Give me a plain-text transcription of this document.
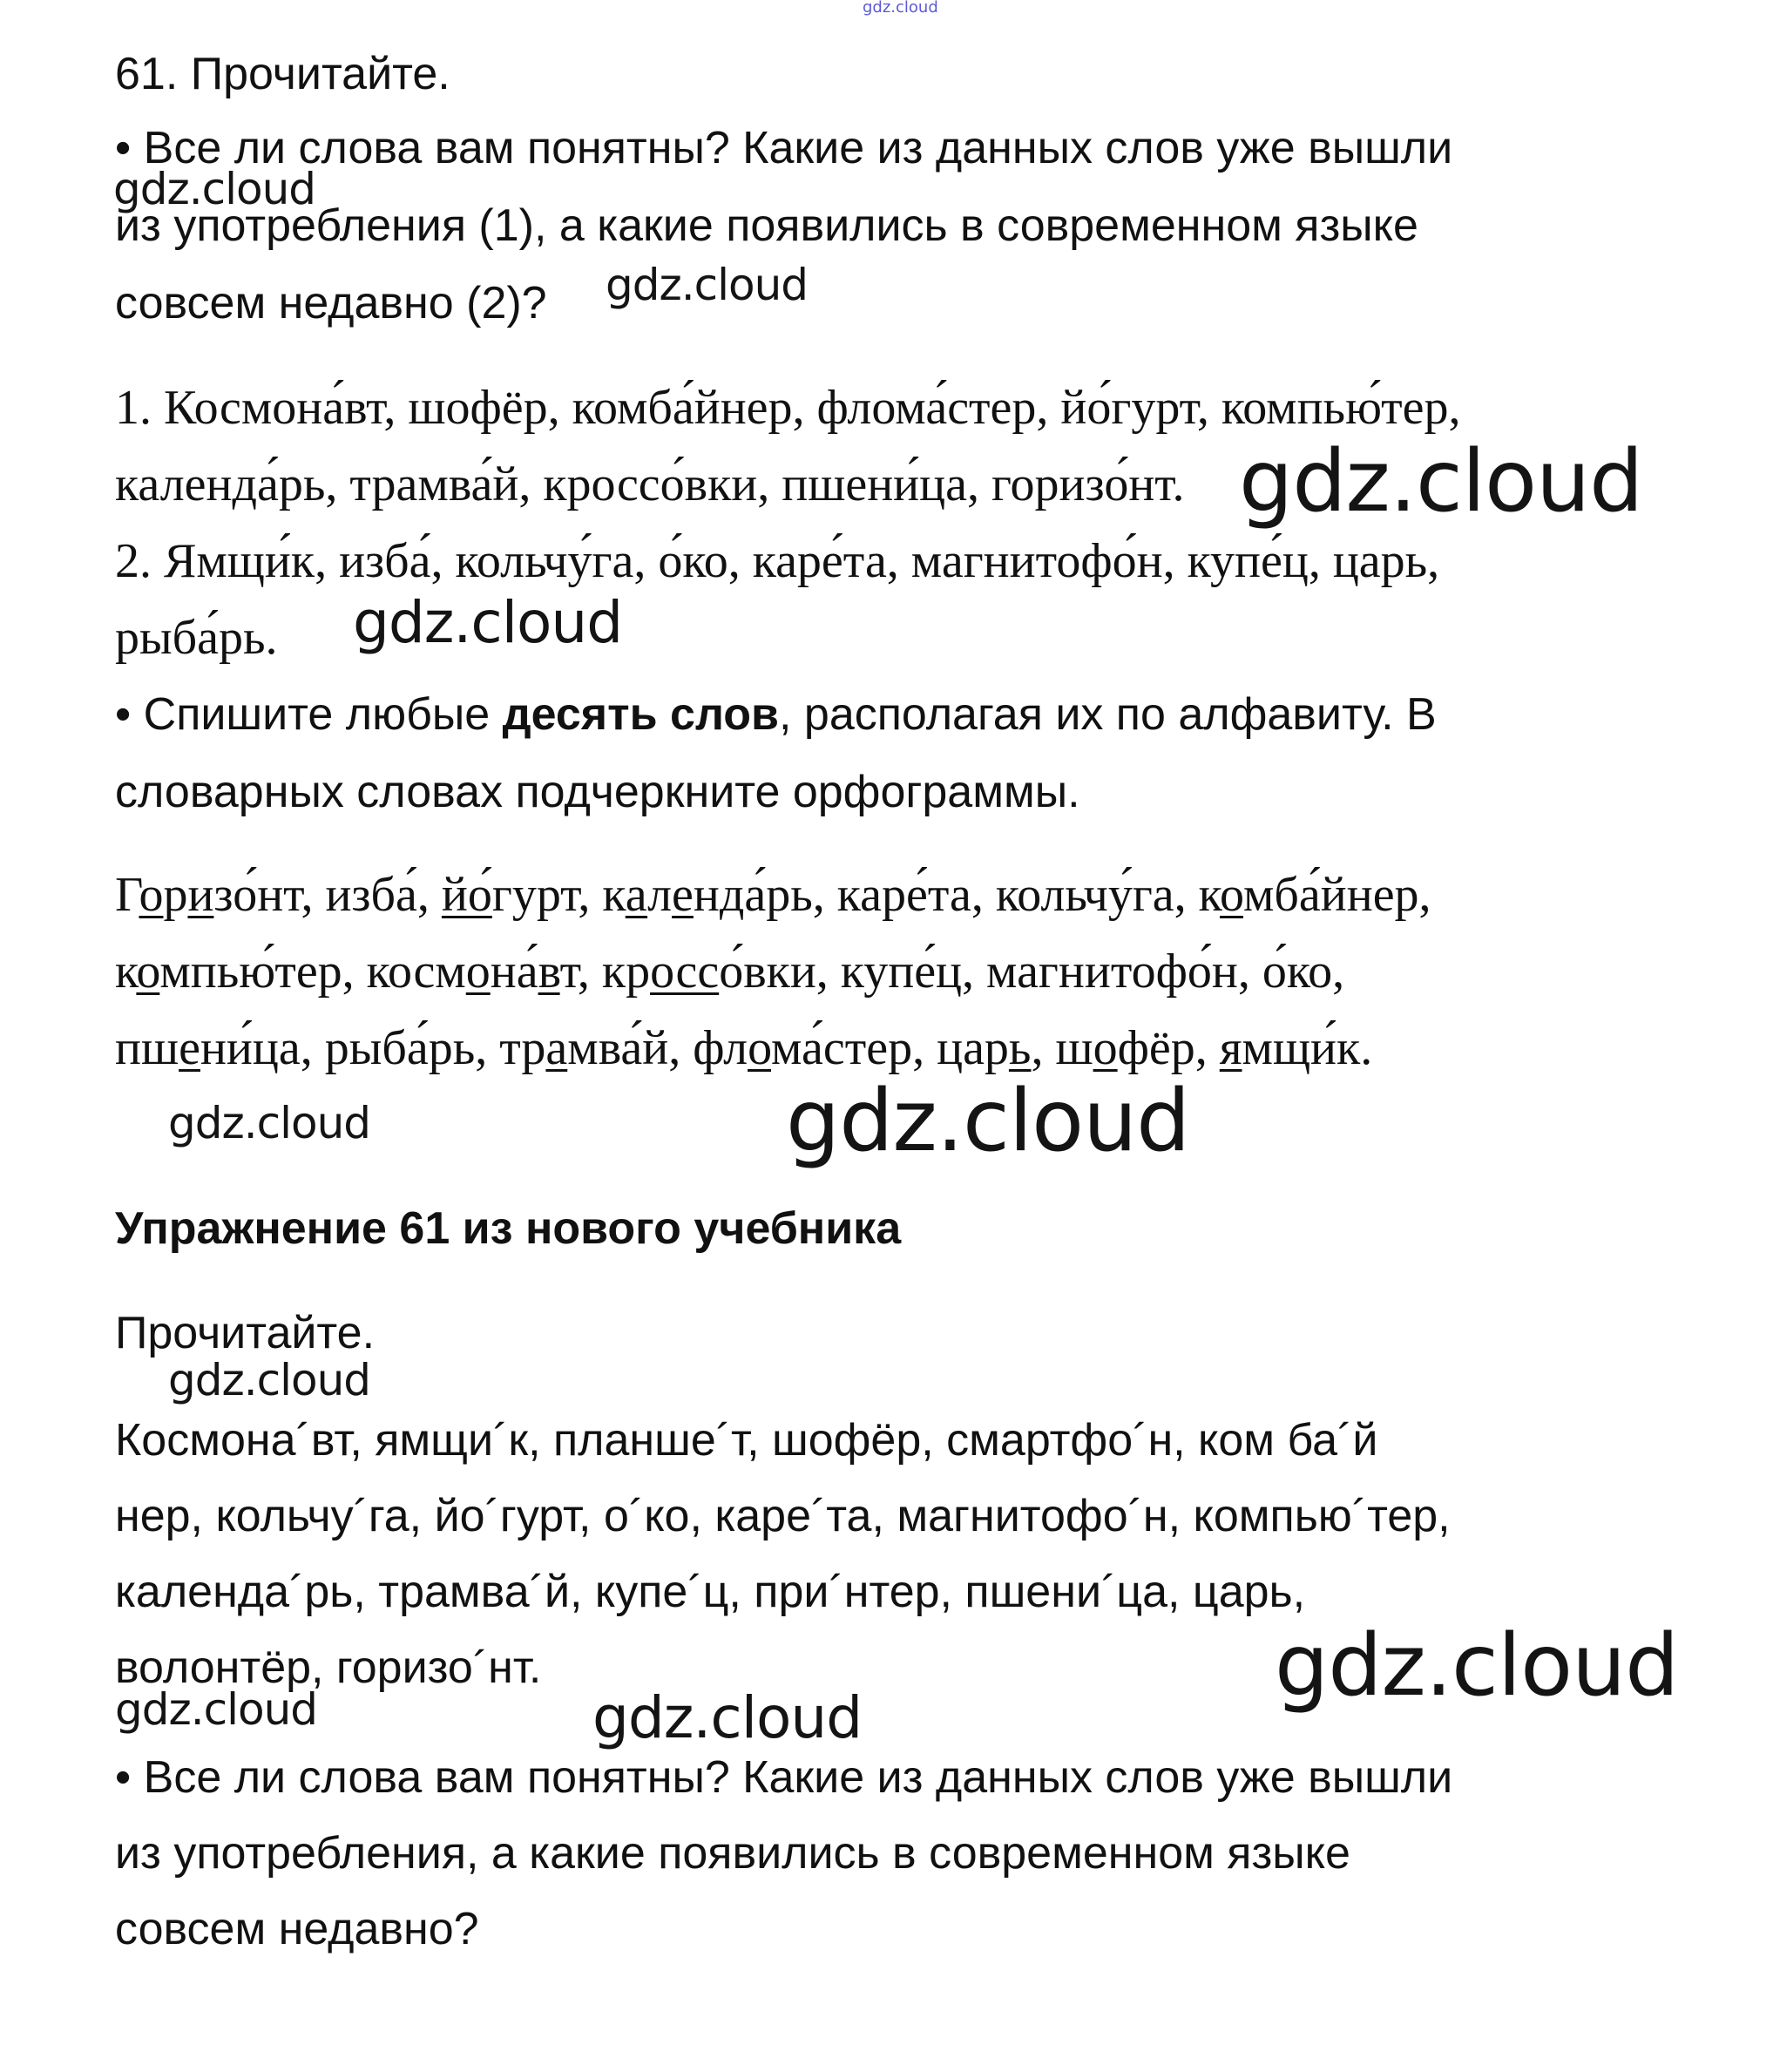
gdz.cloud
61. Прочитайте.
• Все ли слова вам понятны? Какие из данных слов уже вышли
из употребления (1), а какие появились в современном языке
совсем недавно (2)?
1. Космона́вт, шофёр, комба́йнер, флома́стер, йо́гурт, компью́тер,
календа́рь, трамва́й, кроссо́вки, пшени́ца, горизо́нт.
2. Ямщи́к, изба́, кольчу́га, о́ко, каре́та, магнитофо́н, купе́ц, царь,
рыба́рь.
• Спишите любые десять слов, располагая их по алфавиту. В
словарных словах подчеркните орфограммы.
Горизо́нт, изба́, йо́гурт, календа́рь, каре́та, кольчу́га, комба́йнер,
компью́тер, космона́вт, кроссо́вки, купе́ц, магнитофо́н, о́ко,
пшени́ца, рыба́рь, трамва́й, флома́стер, царь, шофёр, ямщи́к.
Упражнение 61 из нового учебника
Прочитайте.
Космона´вт, ямщи´к, планше´т, шофёр, смартфо´н, ком ба´й
нер, кольчу´га, йо´гурт, о´ко, каре´та, магнитофо´н, компью´тер,
календа´рь, трамва´й, купе´ц, при´нтер, пшени´ца, царь,
волонтёр, горизо´нт.
• Все ли слова вам понятны? Какие из данных слов уже вышли
из употребления, а какие появились в современном языке
совсем недавно?
gdz.cloud
gdz.cloud
gdz.cloud
gdz.cloud
gdz.cloud	gdz.cloud
gdz.cloud
gdz.cloud
gdz.cloud	gdz.cloud
